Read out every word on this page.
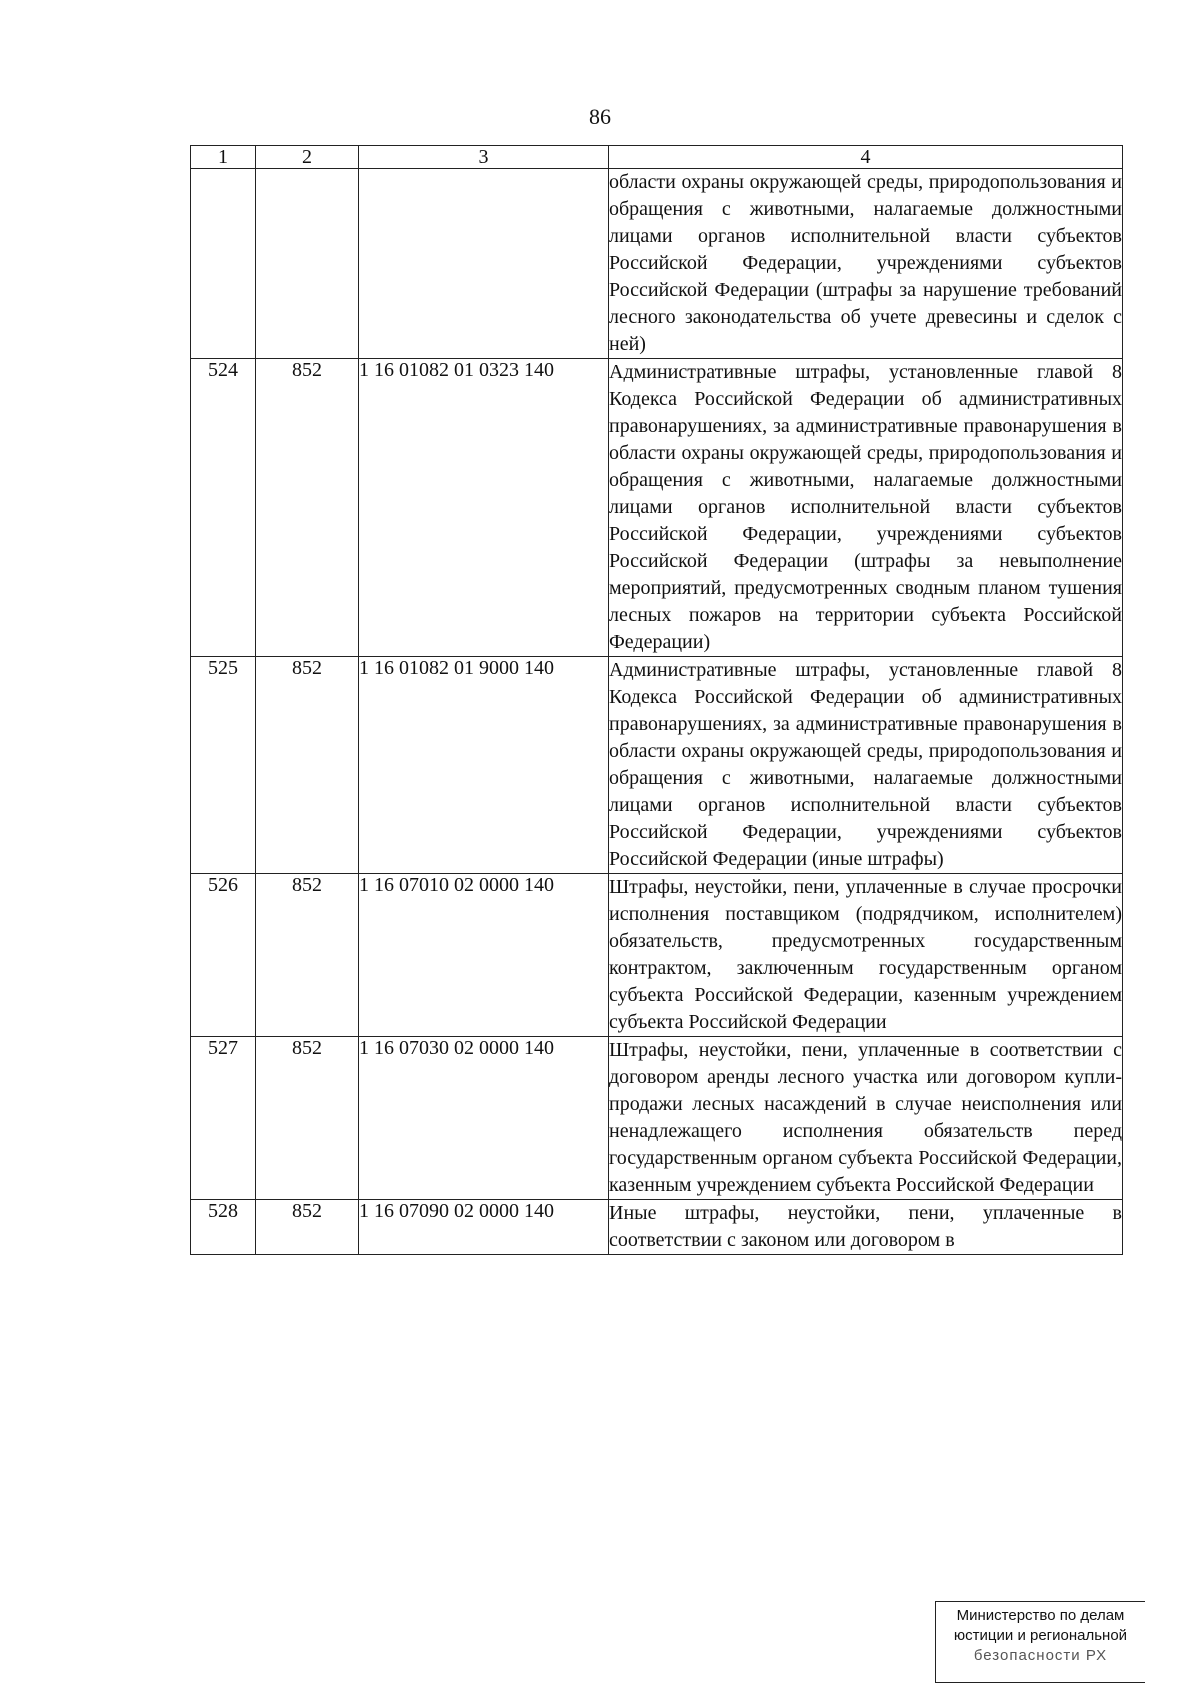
86
1	2	3	4
			области охраны окружающей среды, природопользования и обращения с животными, налагаемые должностными лицами органов исполнительной власти субъектов Российской Федерации, учреждениями субъектов Российской Федерации (штрафы за нарушение требований лесного законодательства об учете древесины и сделок с ней)
524	852	1 16 01082 01 0323 140	Административные штрафы, установленные главой 8 Кодекса Российской Федерации об административных правонарушениях, за административные правонарушения в области охраны окружающей среды, природопользования и обращения с животными, налагаемые должностными лицами органов исполнительной власти субъектов Российской Федерации, учреждениями субъектов Российской Федерации (штрафы за невыполнение мероприятий, предусмотренных сводным планом тушения лесных пожаров на территории субъекта Российской Федерации)
525	852	1 16 01082 01 9000 140	Административные штрафы, установленные главой 8 Кодекса Российской Федерации об административных правонарушениях, за административные правонарушения в области охраны окружающей среды, природопользования и обращения с животными, налагаемые должностными лицами органов исполнительной власти субъектов Российской Федерации, учреждениями субъектов Российской Федерации (иные штрафы)
526	852	1 16 07010 02 0000 140	Штрафы, неустойки, пени, уплаченные в случае просрочки исполнения поставщиком (подрядчиком, исполнителем) обязательств, предусмотренных государственным контрактом, заключенным государственным органом субъекта Российской Федерации, казенным учреждением субъекта Российской Федерации
527	852	1 16 07030 02 0000 140	Штрафы, неустойки, пени, уплаченные в соответствии с договором аренды лесного участка или договором купли-продажи лесных насаждений в случае неисполнения или ненадлежащего исполнения обязательств перед государственным органом субъекта Российской Федерации, казенным учреждением субъекта Российской Федерации
528	852	1 16 07090 02 0000 140	Иные штрафы, неустойки, пени, уплаченные в соответствии с законом или договором в
Министерство по делам
юстиции и региональной
безопасности РХ
